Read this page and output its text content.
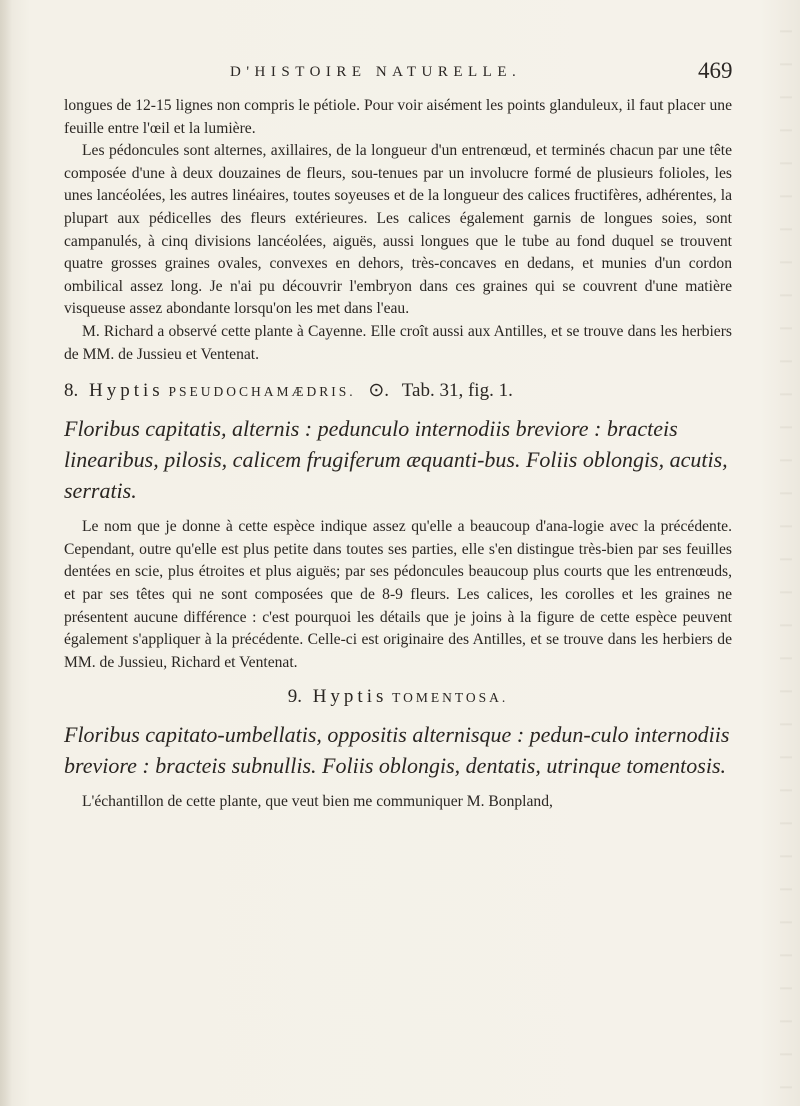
D'HISTOIRE NATURELLE.	469

longues de 12-15 lignes non compris le pétiole. Pour voir aisément les points glanduleux, il faut placer une feuille entre l'œil et la lumière.

Les pédoncules sont alternes, axillaires, de la longueur d'un entrenœud, et terminés chacun par une tête composée d'une à deux douzaines de fleurs, sou-tenues par un involucre formé de plusieurs folioles, les unes lancéolées, les autres linéaires, toutes soyeuses et de la longueur des calices fructifères, adhérentes, la plupart aux pédicelles des fleurs extérieures. Les calices également garnis de longues soies, sont campanulés, à cinq divisions lancéolées, aiguës, aussi longues que le tube au fond duquel se trouvent quatre grosses graines ovales, convexes en dehors, très-concaves en dedans, et munies d'un cordon ombilical assez long. Je n'ai pu découvrir l'embryon dans ces graines qui se couvrent d'une matière visqueuse assez abondante lorsqu'on les met dans l'eau.

M. Richard a observé cette plante à Cayenne. Elle croît aussi aux Antilles, et se trouve dans les herbiers de MM. de Jussieu et Ventenat.

8. Hyptis PSEUDOCHAMÆDRIS. ⊙. Tab. 31, fig. 1.

Floribus capitatis, alternis : pedunculo internodiis breviore : bracteis linearibus, pilosis, calicem frugiferum æquanti-bus. Foliis oblongis, acutis, serratis.

Le nom que je donne à cette espèce indique assez qu'elle a beaucoup d'ana-logie avec la précédente. Cependant, outre qu'elle est plus petite dans toutes ses parties, elle s'en distingue très-bien par ses feuilles dentées en scie, plus étroites et plus aiguës; par ses pédoncules beaucoup plus courts que les entrenœuds, et par ses têtes qui ne sont composées que de 8-9 fleurs. Les calices, les corolles et les graines ne présentent aucune différence : c'est pourquoi les détails que je joins à la figure de cette espèce peuvent également s'appliquer à la précédente. Celle-ci est originaire des Antilles, et se trouve dans les herbiers de MM. de Jussieu, Richard et Ventenat.

9. Hyptis TOMENTOSA.

Floribus capitato-umbellatis, oppositis alternisque : pedun-culo internodiis breviore : bracteis subnullis. Foliis oblongis, dentatis, utrinque tomentosis.

L'échantillon de cette plante, que veut bien me communiquer M. Bonpland,
